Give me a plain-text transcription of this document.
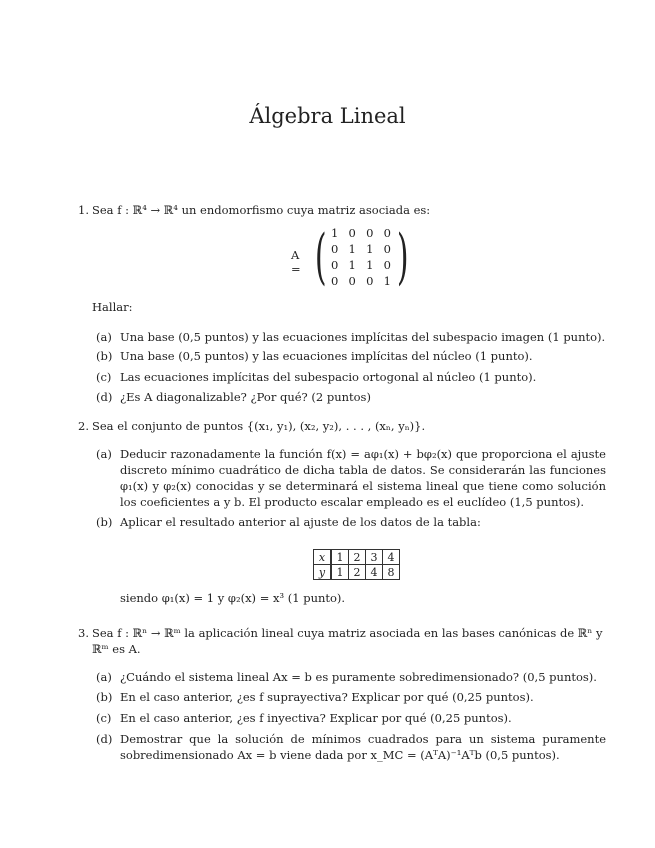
Álgebra Lineal
1. Sea f : ℝ⁴ → ℝ⁴ un endomorfismo cuya matriz asociada es:
A = ( 1 0 0 0
0 1 1 0
0 1 1 0
0 0 0 1 )
Hallar:
(a) Una base (0,5 puntos) y las ecuaciones implícitas del subespacio imagen (1 punto).
(b) Una base (0,5 puntos) y las ecuaciones implícitas del núcleo (1 punto).
(c) Las ecuaciones implícitas del subespacio ortogonal al núcleo (1 punto).
(d) ¿Es A diagonalizable? ¿Por qué? (2 puntos)
2. Sea el conjunto de puntos {(x₁, y₁), (x₂, y₂), . . . , (xₙ, yₙ)}.
(a) Deducir razonadamente la función f(x) = aφ₁(x) + bφ₂(x) que proporciona el ajuste discreto mínimo cuadrático de dicha tabla de datos. Se considerarán las funciones φ₁(x) y φ₂(x) conocidas y se determinará el sistema lineal que tiene como solución los coeficientes a y b. El producto escalar empleado es el euclídeo (1,5 puntos).
(b) Aplicar el resultado anterior al ajuste de los datos de la tabla:
x	1	2	3	4
y	1	2	4	8
siendo φ₁(x) = 1 y φ₂(x) = x³ (1 punto).
3. Sea f : ℝⁿ → ℝᵐ la aplicación lineal cuya matriz asociada en las bases canónicas de ℝⁿ y ℝᵐ es A.
(a) ¿Cuándo el sistema lineal Ax = b es puramente sobredimensionado? (0,5 puntos).
(b) En el caso anterior, ¿es f suprayectiva? Explicar por qué (0,25 puntos).
(c) En el caso anterior, ¿es f inyectiva? Explicar por qué (0,25 puntos).
(d) Demostrar que la solución de mínimos cuadrados para un sistema puramente sobredimensionado Ax = b viene dada por x_MC = (AᵀA)⁻¹Aᵀb (0,5 puntos).
